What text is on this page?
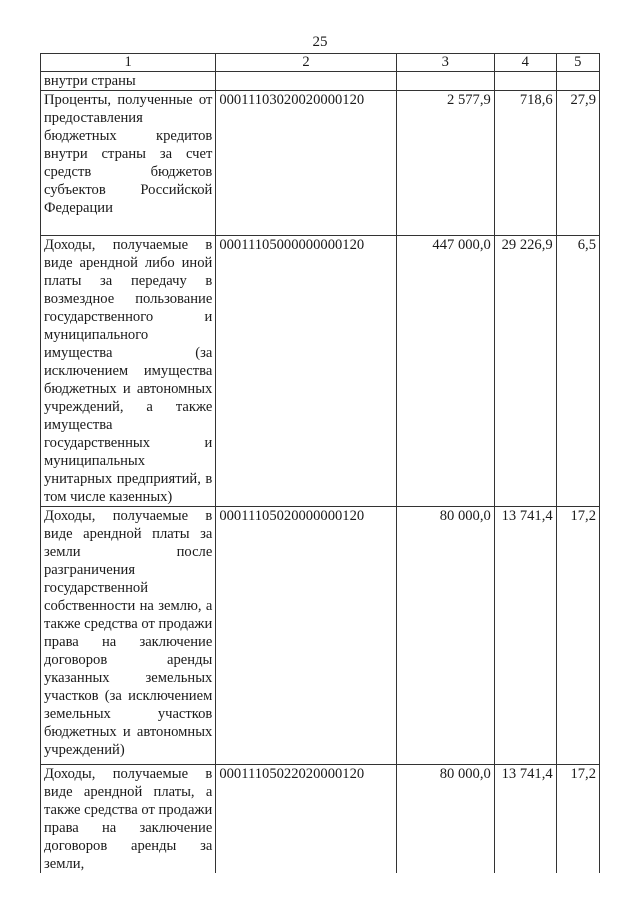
25
1	2	3	4	5
внутри страны				
Проценты, полученные от предоставления бюджетных кредитов внутри страны за счет средств бюджетов субъектов Российской Федерации	00011103020020000120	2 577,9	718,6	27,9
Доходы, получаемые в виде арендной либо иной платы за передачу в возмездное пользование государственного и муниципального имущества (за исключением имущества бюджетных и автономных учреждений, а также имущества государственных и муниципальных унитарных предприятий, в том числе казенных)	00011105000000000120	447 000,0	29 226,9	6,5
Доходы, получаемые в виде арендной платы за земли после разграничения государственной собственности на землю, а также средства от продажи права на заключение договоров аренды указанных земельных участков (за исключением земельных участков бюджетных и автономных учреждений)	00011105020000000120	80 000,0	13 741,4	17,2
Доходы, получаемые в виде арендной платы, а также средства от продажи права на заключение договоров аренды за земли,	00011105022020000120	80 000,0	13 741,4	17,2
